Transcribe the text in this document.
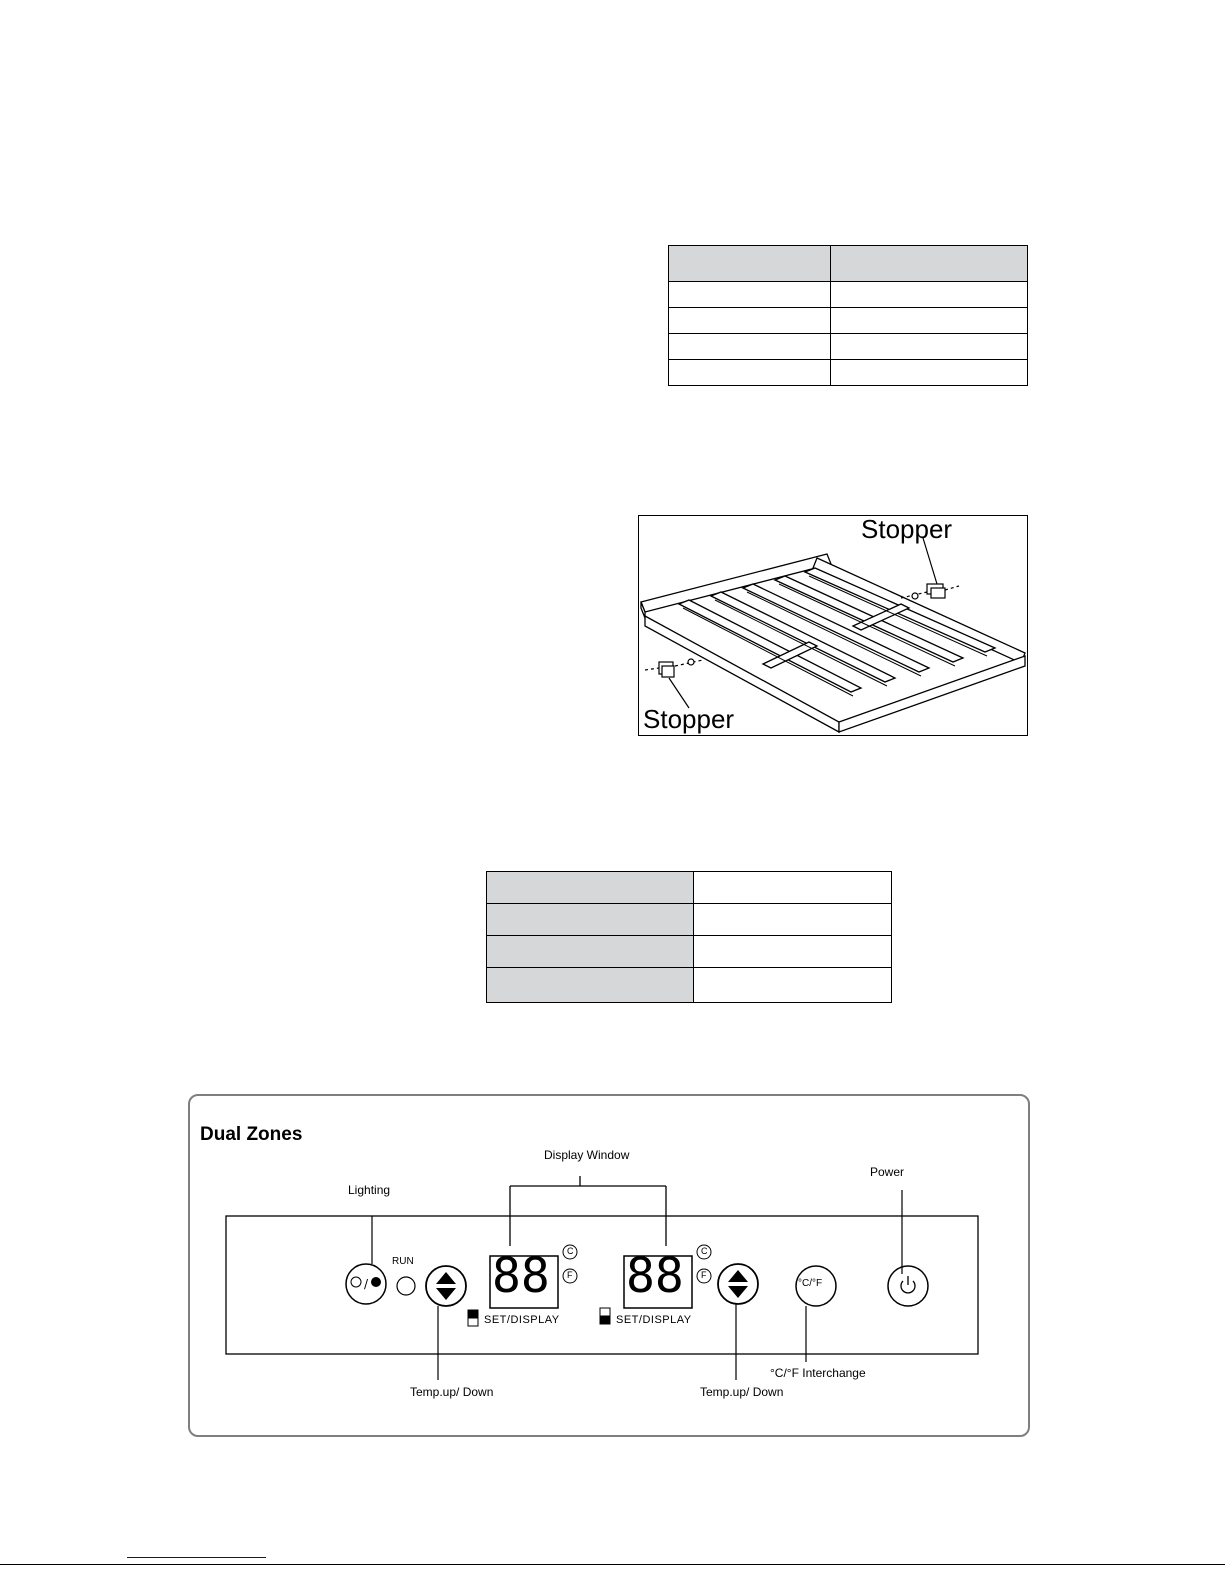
Stopper
Stopper

Dual Zones
/
Display Window
Lighting
Power
RUN 88 88
C
F
C
F
SET/DISPLAY	SET/DISPLAY
°C/°F
Temp.up/ Down	Temp.up/ Down
°C/°F Interchange
